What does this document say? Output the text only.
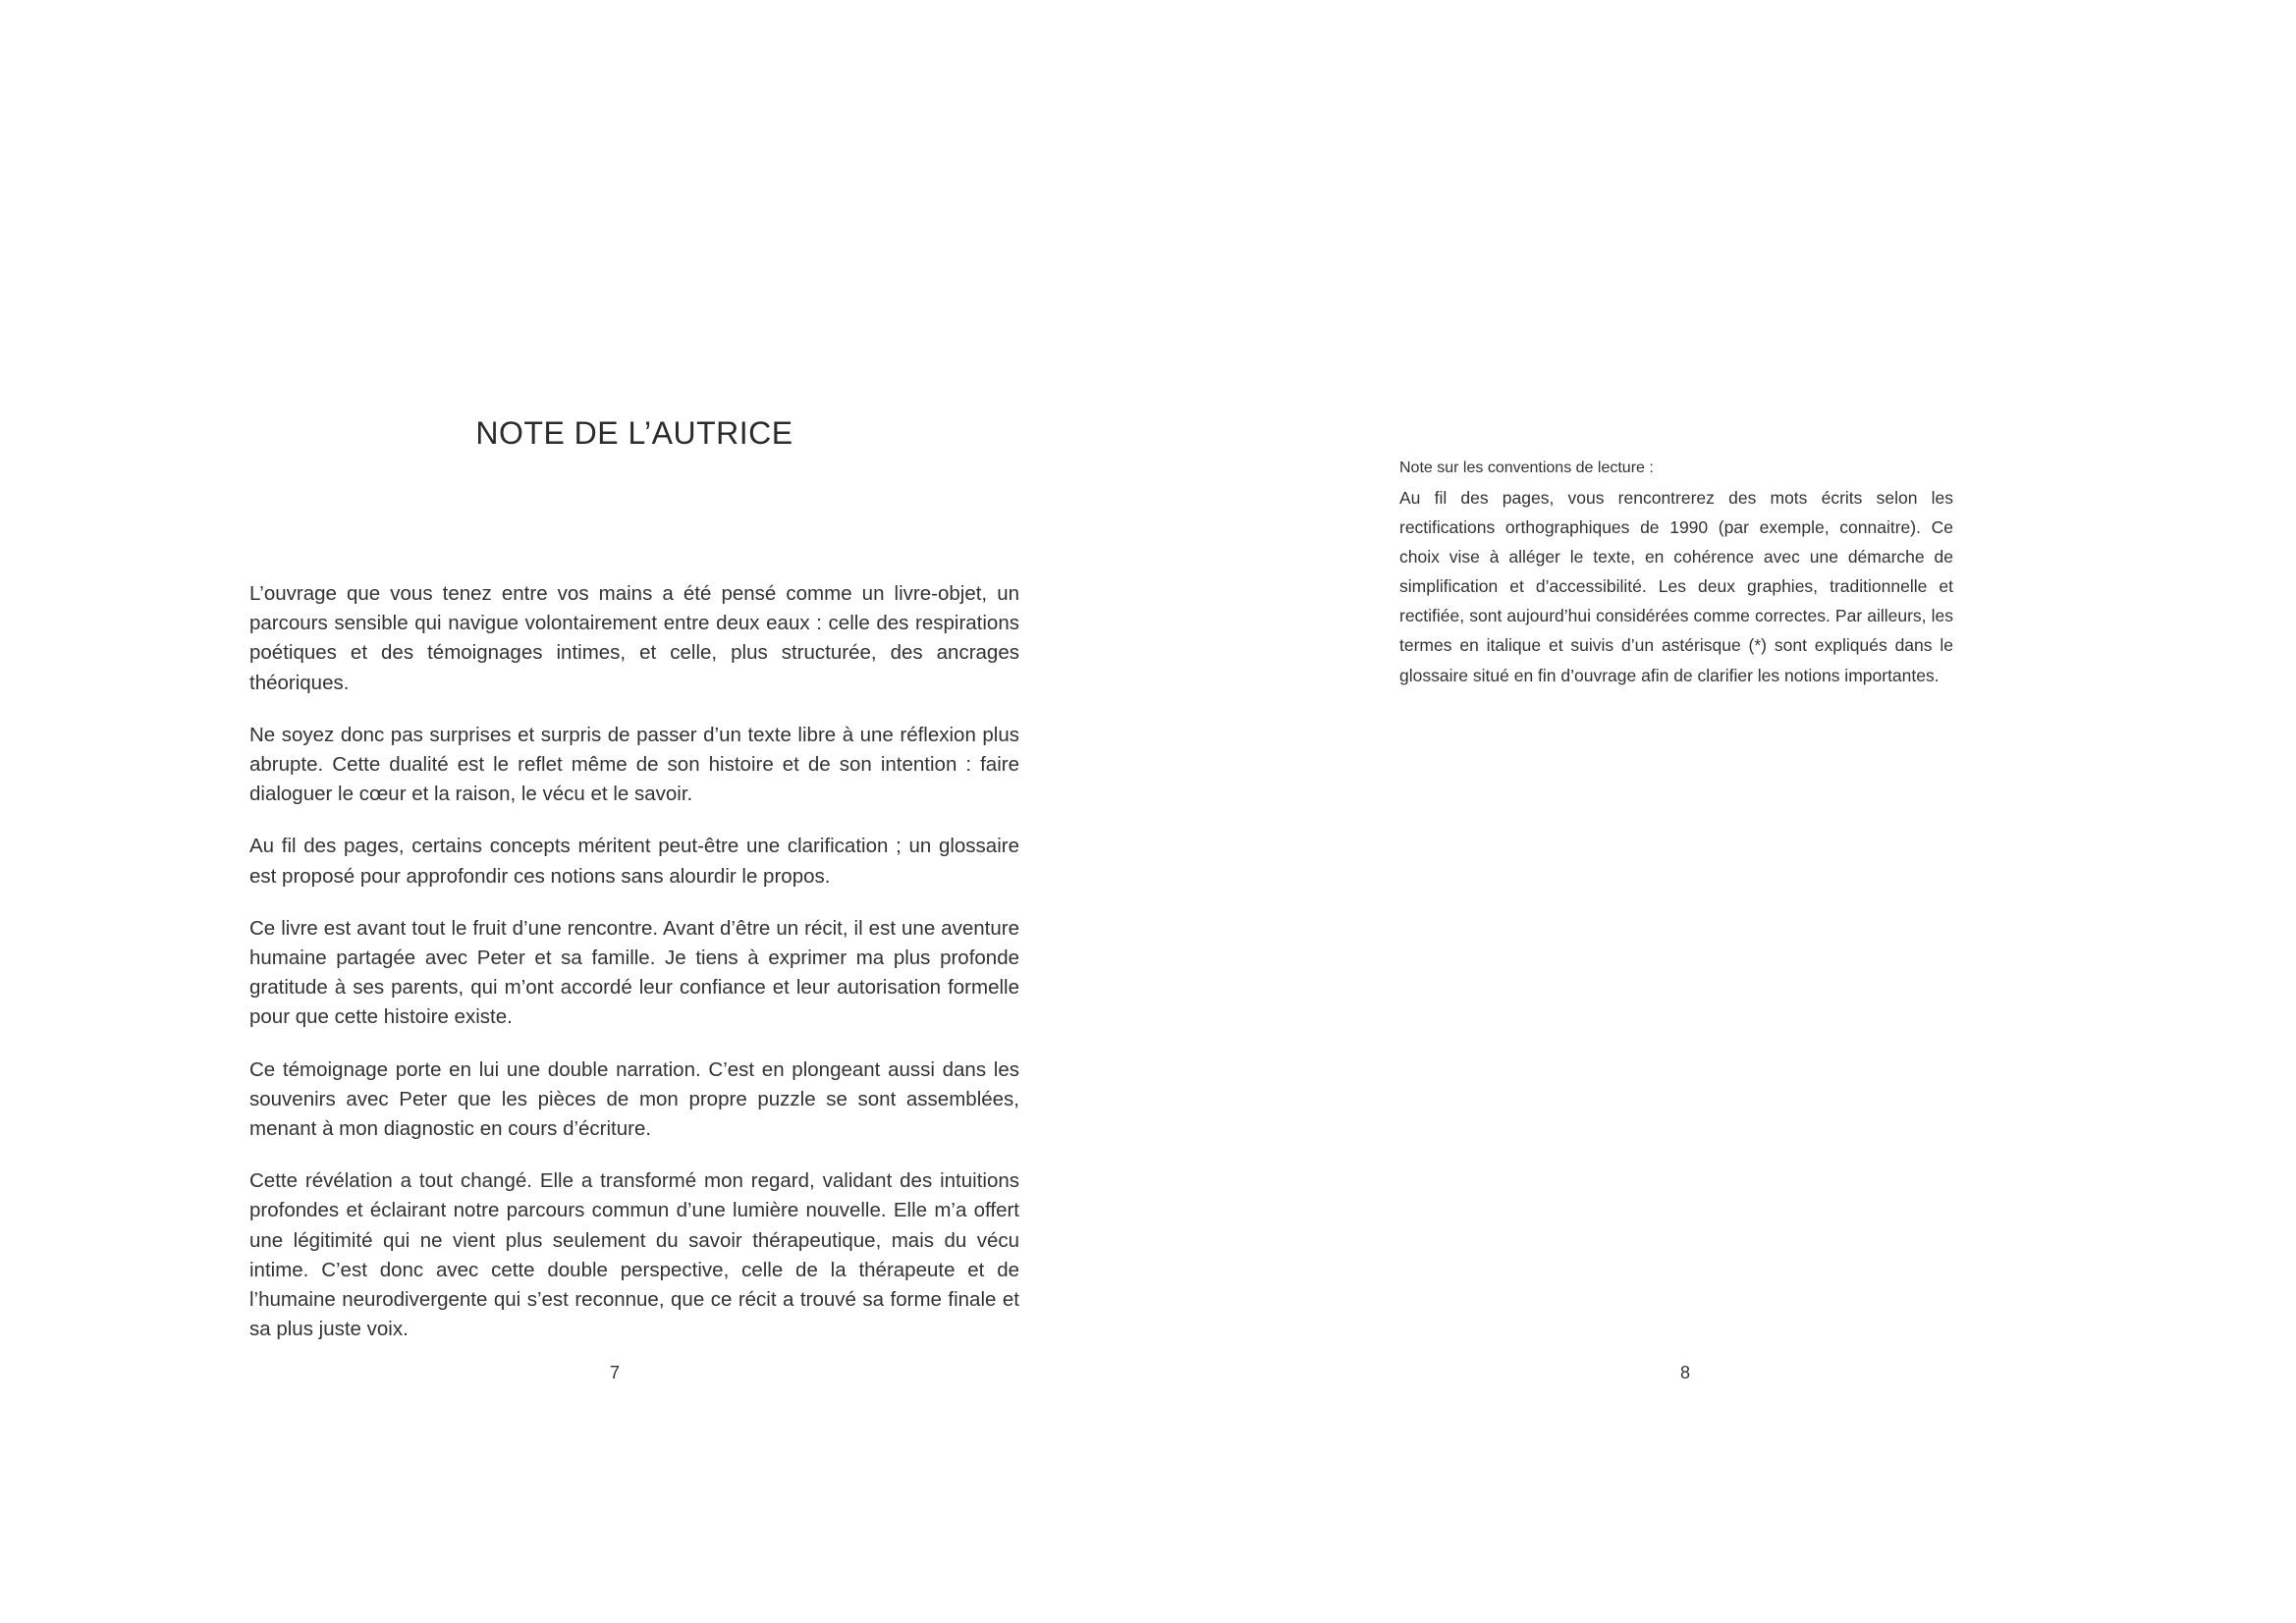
NOTE DE L’AUTRICE

L’ouvrage que vous tenez entre vos mains a été pensé comme un livre-objet, un parcours sensible qui navigue volontairement entre deux eaux : celle des respirations poétiques et des témoignages intimes, et celle, plus structurée, des ancrages théoriques.

Ne soyez donc pas surprises et surpris de passer d’un texte libre à une réflexion plus abrupte. Cette dualité est le reflet même de son histoire et de son intention : faire dialoguer le cœur et la raison, le vécu et le savoir.

Au fil des pages, certains concepts méritent peut-être une clarification ; un glossaire est proposé pour approfondir ces notions sans alourdir le propos.

Ce livre est avant tout le fruit d’une rencontre. Avant d’être un récit, il est une aventure humaine partagée avec Peter et sa famille. Je tiens à exprimer ma plus profonde gratitude à ses parents, qui m’ont accordé leur confiance et leur autorisation formelle pour que cette histoire existe.

Ce témoignage porte en lui une double narration. C’est en plongeant aussi dans les souvenirs avec Peter que les pièces de mon propre puzzle se sont assemblées, menant à mon diagnostic en cours d’écriture.

Cette révélation a tout changé. Elle a transformé mon regard, validant des intuitions profondes et éclairant notre parcours commun d’une lumière nouvelle. Elle m’a offert une légitimité qui ne vient plus seulement du savoir thérapeutique, mais du vécu intime. C’est donc avec cette double perspective, celle de la thérapeute et de l’humaine neurodivergente qui s’est reconnue, que ce récit a trouvé sa forme finale et sa plus juste voix.

7

Note sur les conventions de lecture :

Au fil des pages, vous rencontrerez des mots écrits selon les rectifications orthographiques de 1990 (par exemple, connaitre). Ce choix vise à alléger le texte, en cohérence avec une démarche de simplification et d’accessibilité. Les deux graphies, traditionnelle et rectifiée, sont aujourd’hui considérées comme correctes. Par ailleurs, les termes en italique et suivis d’un astérisque (*) sont expliqués dans le glossaire situé en fin d’ouvrage afin de clarifier les notions importantes.

8
